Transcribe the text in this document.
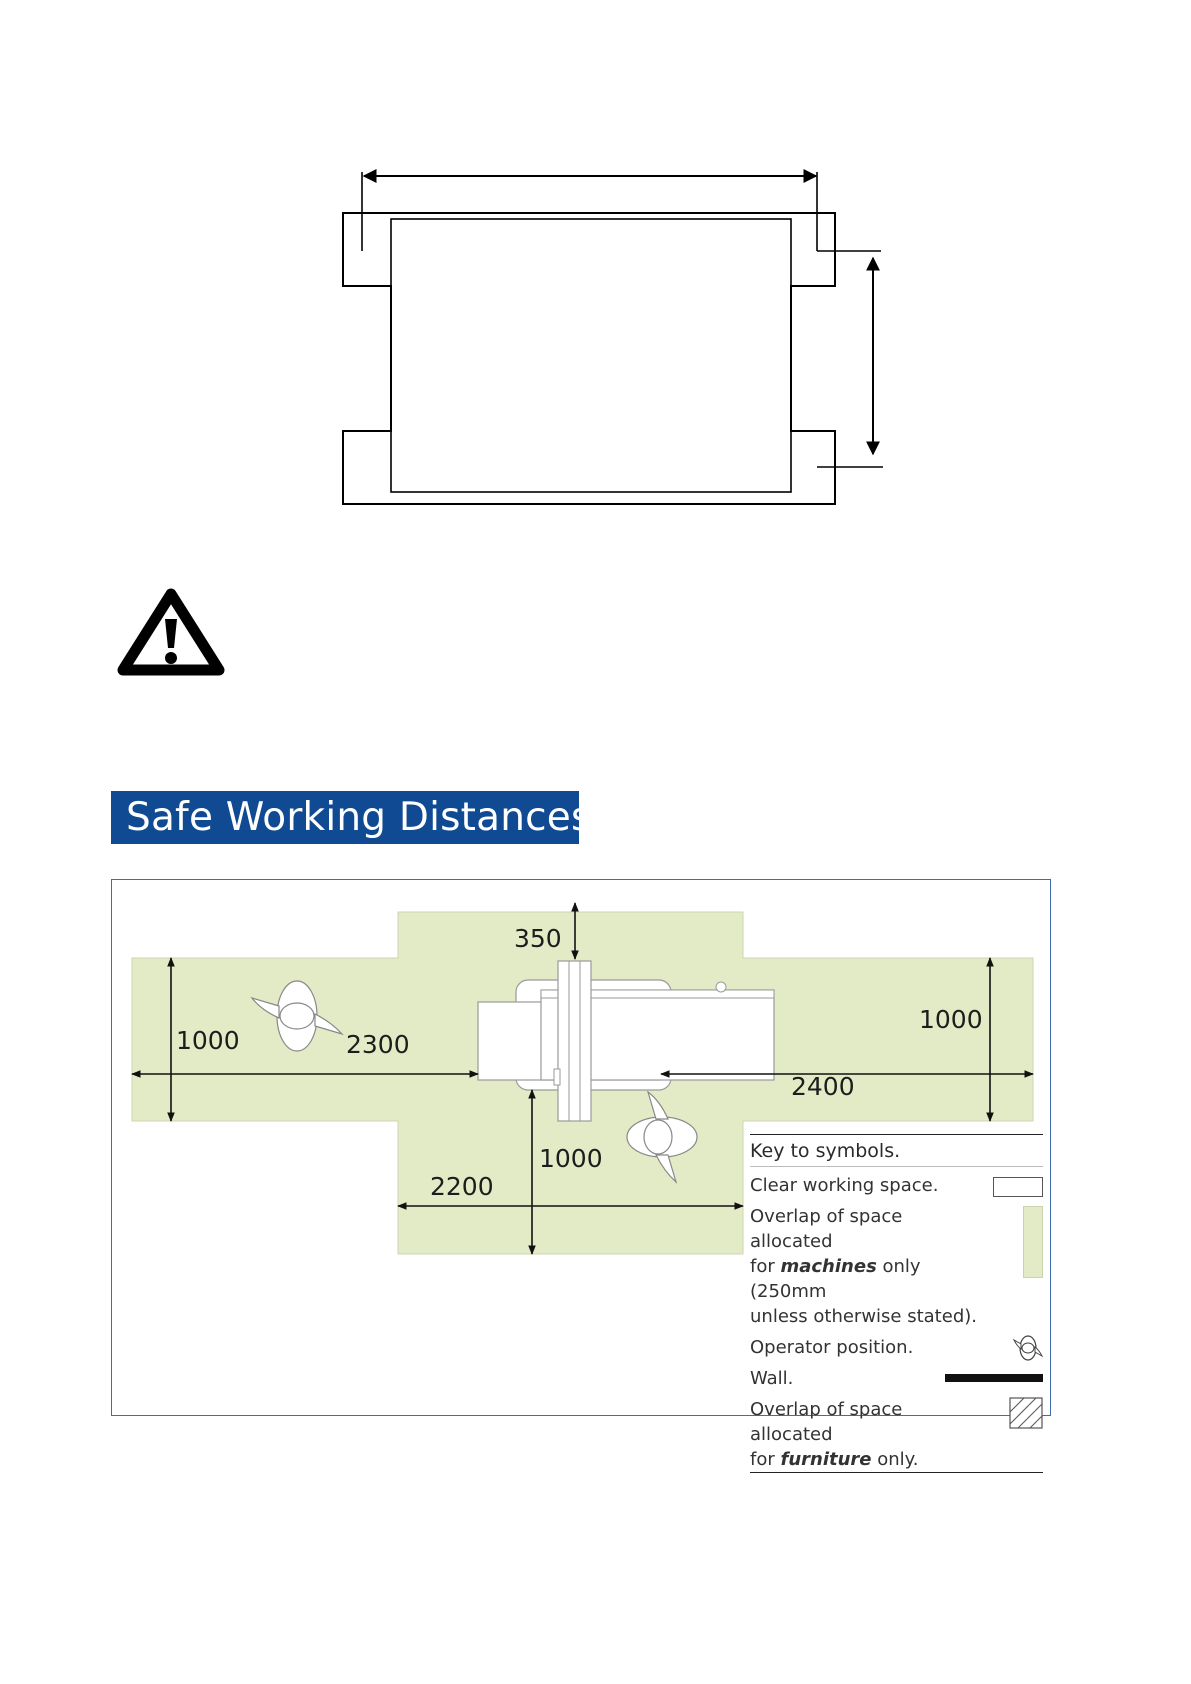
Safe Working Distances
350
1000	2300
1000
2400
1000
2200
Key to symbols.
Clear working space.
Overlap of space allocated
for machines only (250mm
unless otherwise stated).
Operator position.
Wall.
Overlap of space allocated
for furniture only.
